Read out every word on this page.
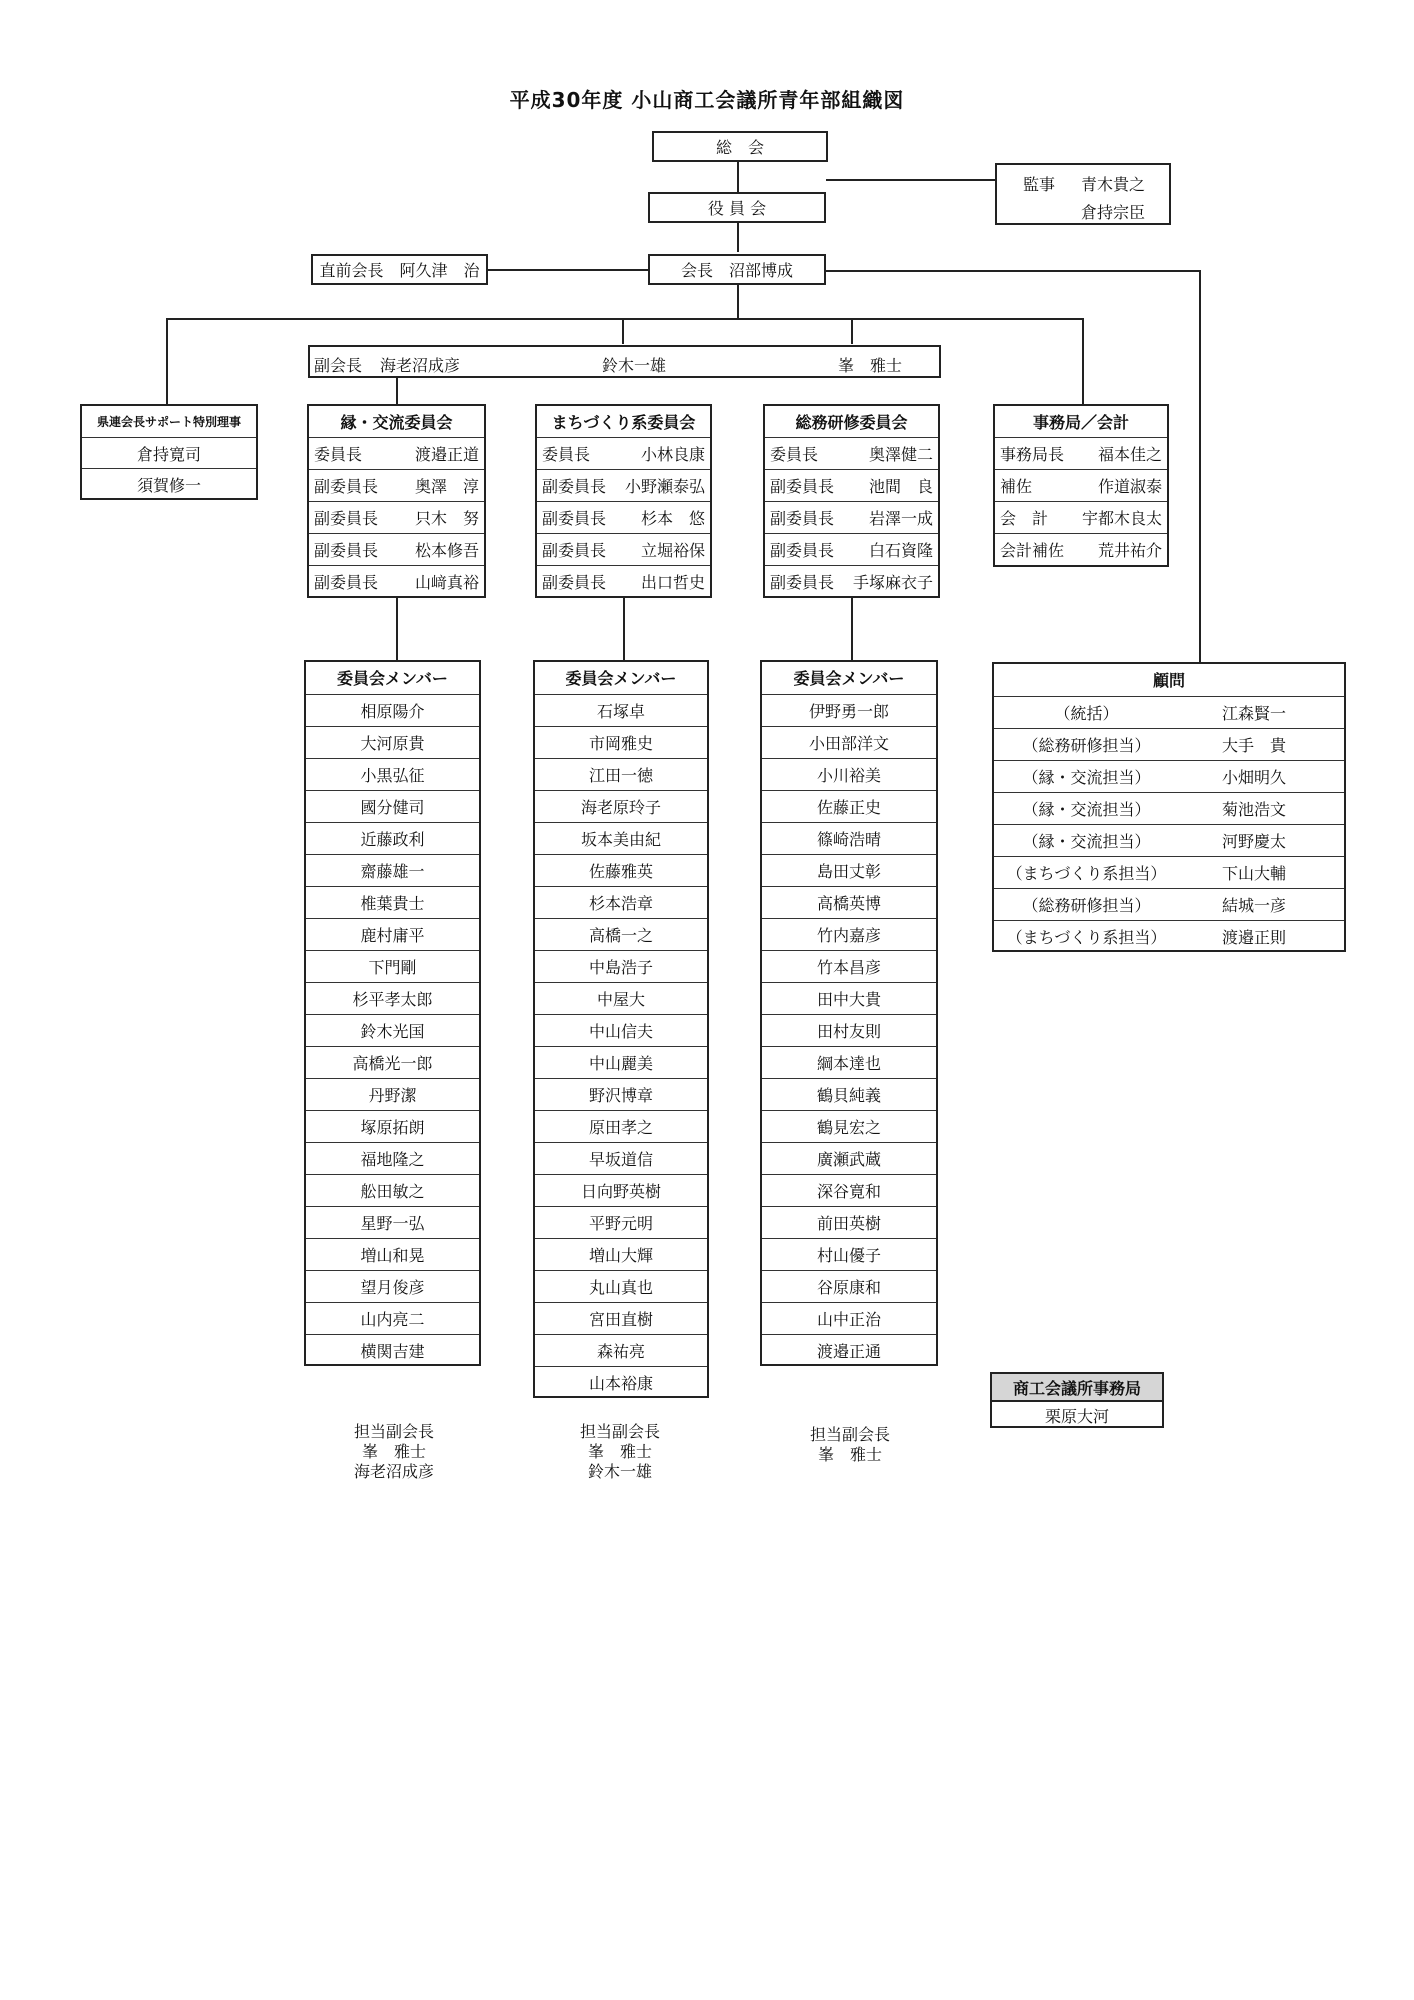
平成30年度 小山商工会議所青年部組織図
総　会
監事 青木貴之
倉持宗臣
役 員 会
直前会長　阿久津　治	会長　沼部博成
副会長 海老沼成彦	鈴木一雄	峯　雅士
県連会長サポート特別理事
倉持寛司
須賀修一
縁・交流委員会
委員長	渡邉正道
副委員長 奥澤　淳
副委員長 只木　努
副委員長 松本修吾
副委員長 山﨑真裕
まちづくり系委員会
委員長	小林良康
副委員長 小野瀬泰弘
副委員長 杉本　悠
副委員長 立堀裕保
副委員長 出口哲史
総務研修委員会
委員長	奥澤健二
副委員長 池間　良
副委員長 岩澤一成
副委員長 白石資隆
副委員長 手塚麻衣子
事務局／会計
事務局長 福本佳之
補佐	作道淑泰
会　計 宇都木良太
会計補佐 荒井祐介
委員会メンバー
相原陽介
大河原貴
小黒弘征
國分健司
近藤政利
齋藤雄一
椎葉貴士
鹿村庸平
下門剛
杉平孝太郎
鈴木光国
高橋光一郎
丹野潔
塚原拓朗
福地隆之
舩田敏之
星野一弘
増山和晃
望月俊彦
山内亮二
横関吉建
委員会メンバー
石塚卓
市岡雅史
江田一徳
海老原玲子
坂本美由紀
佐藤雅英
杉本浩章
高橋一之
中島浩子
中屋大
中山信夫
中山麗美
野沢博章
原田孝之
早坂道信
日向野英樹
平野元明
増山大輝
丸山真也
宮田直樹
森祐亮
山本裕康
委員会メンバー
伊野勇一郎
小田部洋文
小川裕美
佐藤正史
篠崎浩晴
島田丈彰
高橋英博
竹内嘉彦
竹本昌彦
田中大貴
田村友則
綱本達也
鶴貝純義
鶴見宏之
廣瀬武蔵
深谷寛和
前田英樹
村山優子
谷原康和
山中正治
渡邉正通
顧問
（統括）	江森賢一
（総務研修担当）	大手　貴
（縁・交流担当）	小畑明久
（縁・交流担当）	菊池浩文
（縁・交流担当）	河野慶太
（まちづくり系担当）	下山大輔
（総務研修担当）	結城一彦
（まちづくり系担当）	渡邉正則
商工会議所事務局
栗原大河
担当副会長
峯　雅士
海老沼成彦
担当副会長
峯　雅士
鈴木一雄
担当副会長
峯　雅士
